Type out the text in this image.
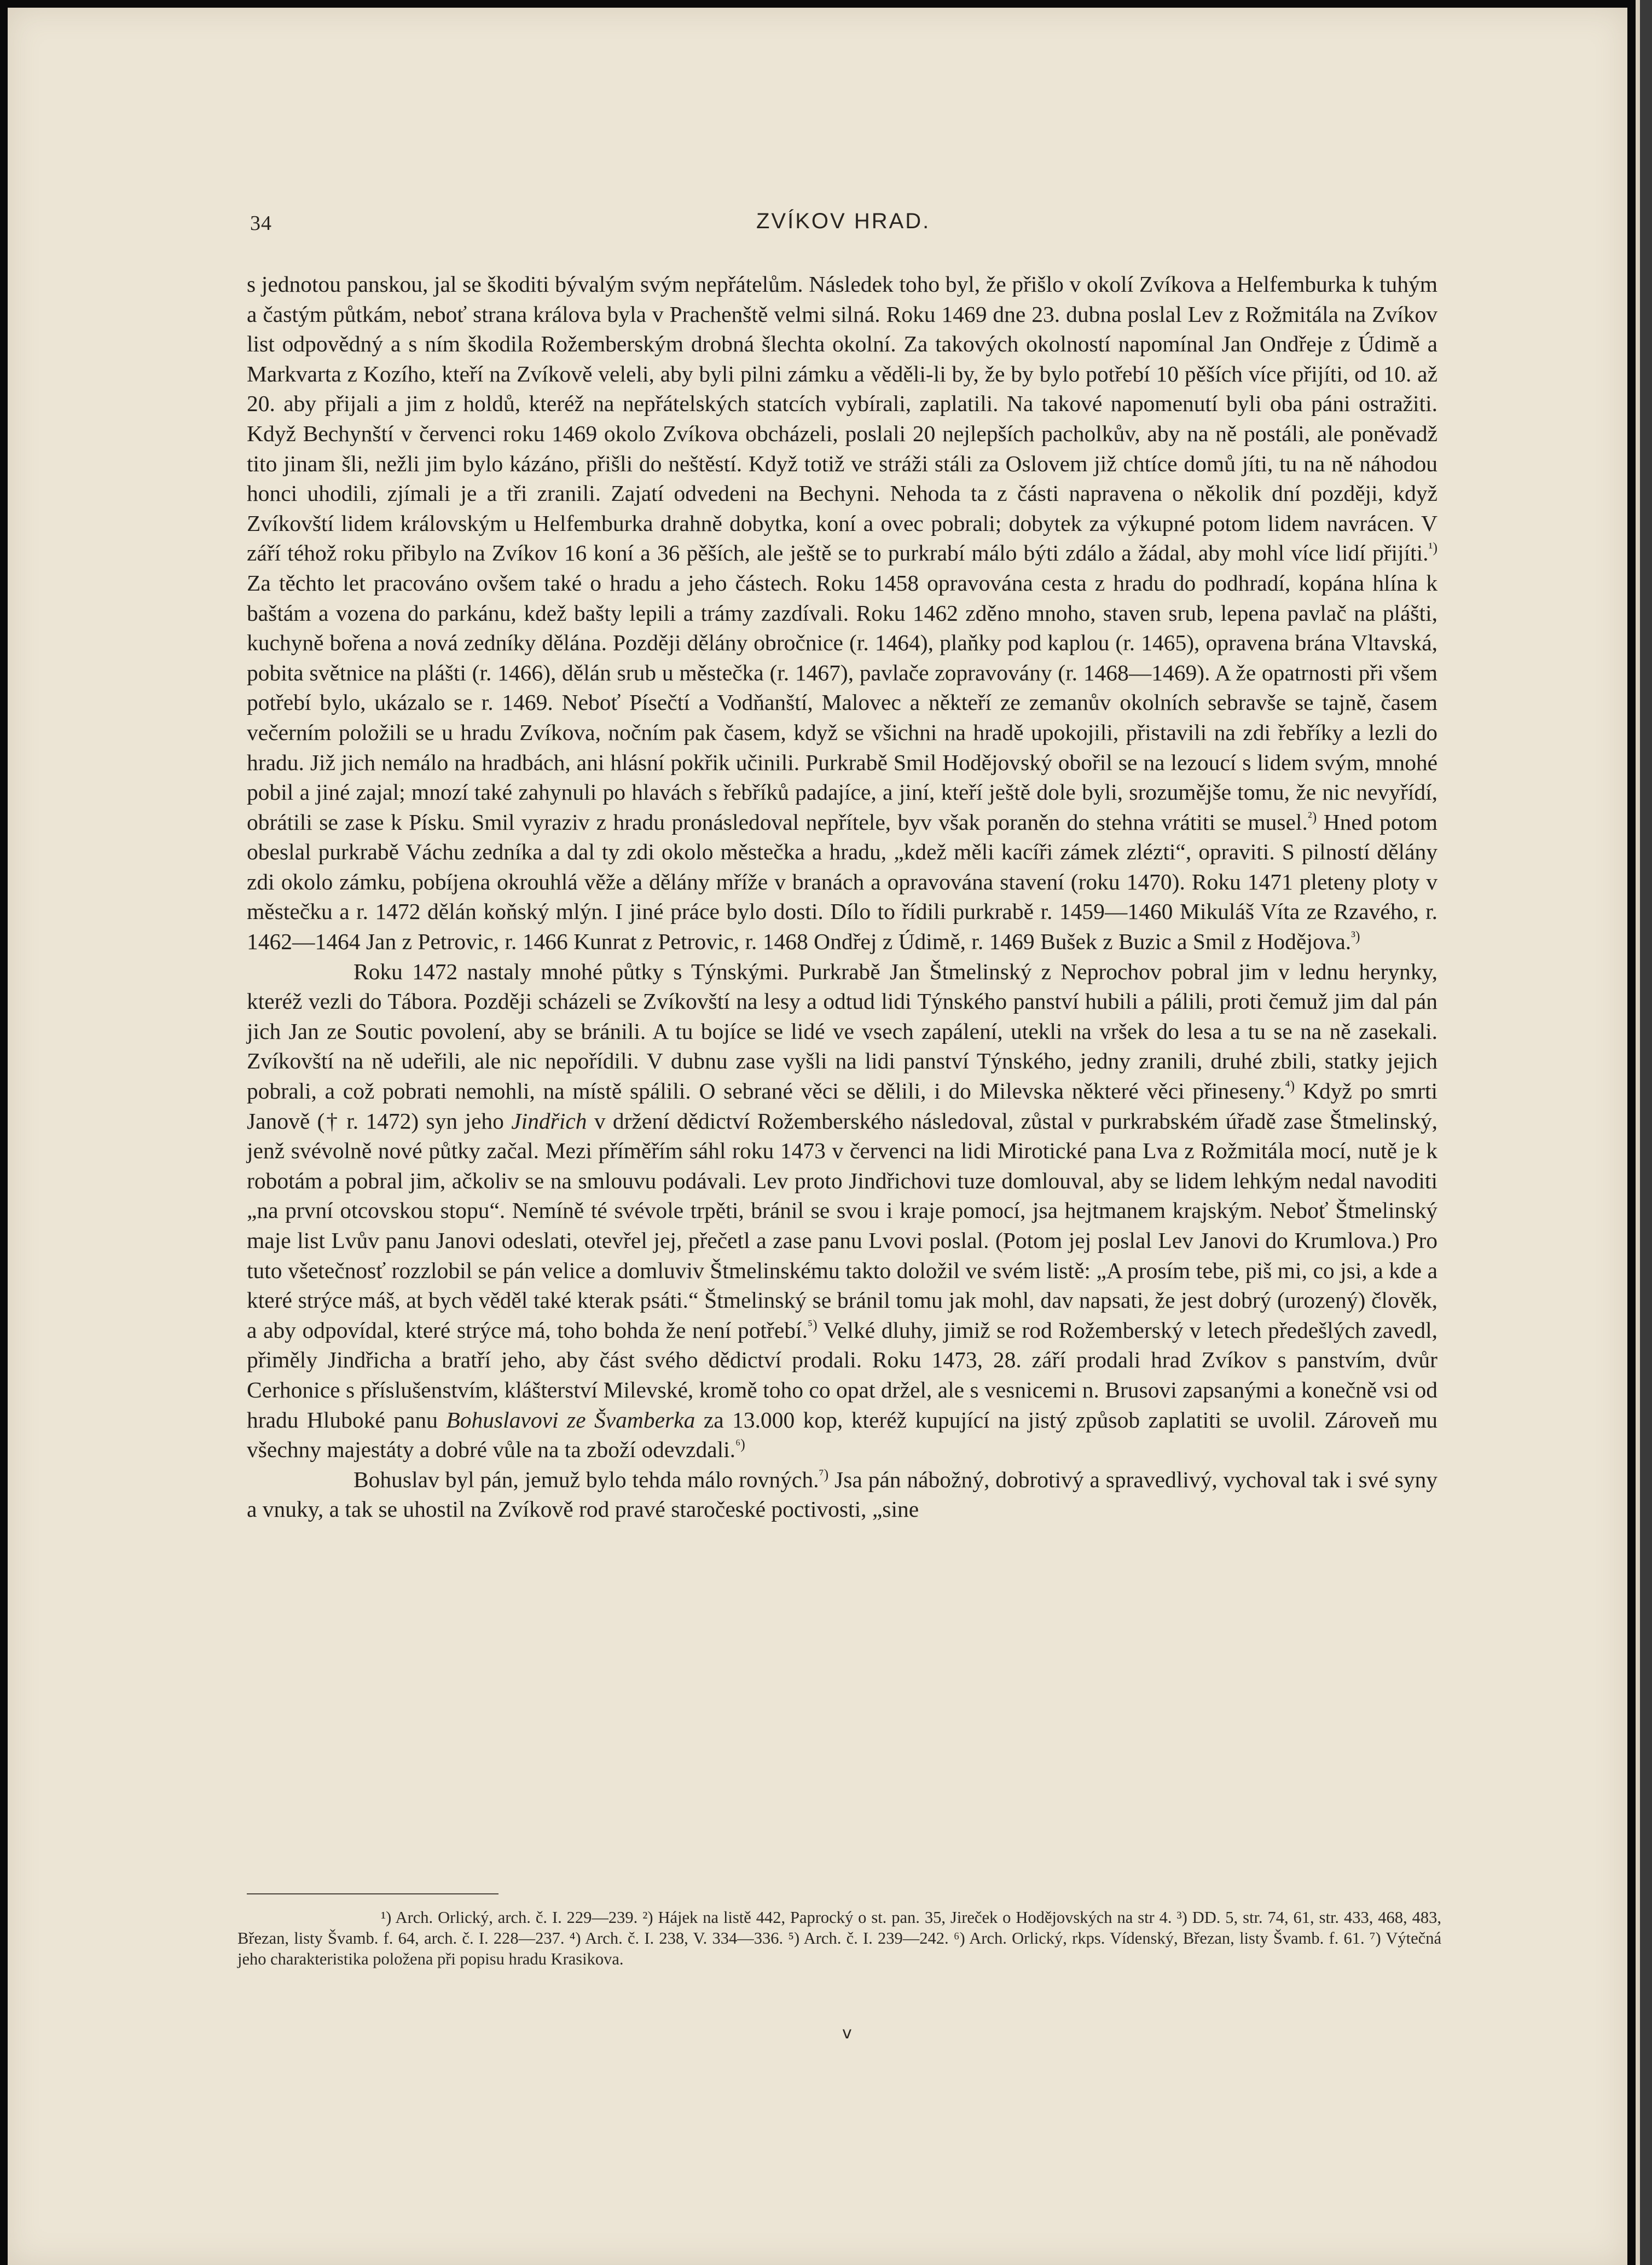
34	ZVÍKOV HRAD.

s jednotou panskou, jal se škoditi bývalým svým nepřátelům. Následek toho byl, že přišlo v okolí Zvíkova a Helfemburka k tuhým a častým půtkám, neboť strana králova byla v Prachenště velmi silná. Roku 1469 dne 23. dubna poslal Lev z Rožmitála na Zvíkov list odpovědný a s ním škodila Rožemberským drobná šlechta okolní. Za takových okolností napomínal Jan Ondřeje z Údimě a Markvarta z Kozího, kteří na Zvíkově veleli, aby byli pilni zámku a věděli-li by, že by bylo potřebí 10 pěších více přijíti, od 10. až 20. aby přijali a jim z holdů, kteréž na nepřátelských statcích vybírali, zaplatili. Na takové napomenutí byli oba páni ostražiti. Když Bechynští v červenci roku 1469 okolo Zvíkova obcházeli, poslali 20 nejlepších pacholkův, aby na ně postáli, ale poněvadž tito jinam šli, nežli jim bylo kázáno, přišli do neštěstí. Když totiž ve stráži stáli za Oslovem již chtíce domů jíti, tu na ně náhodou honci uhodili, zjímali je a tři zranili. Zajatí odvedeni na Bechyni. Nehoda ta z části napravena o několik dní později, když Zvíkovští lidem královským u Helfemburka drahně dobytka, koní a ovec pobrali; dobytek za výkupné potom lidem navrácen. V září téhož roku přibylo na Zvíkov 16 koní a 36 pěších, ale ještě se to purkrabí málo býti zdálo a žádal, aby mohl více lidí přijíti.$^{^1)}$ Za těchto let pracováno ovšem také o hradu a jeho částech. Roku 1458 opravována cesta z hradu do podhradí, kopána hlína k baštám a vozena do parkánu, kdež bašty lepili a trámy zazdívali. Roku 1462 zděno mnoho, staven srub, lepena pavlač na plášti, kuchyně bořena a nová zedníky dělána. Později dělány obročnice (r. 1464), plaňky pod kaplou (r. 1465), opravena brána Vltavská, pobita světnice na plášti (r. 1466), dělán srub u městečka (r. 1467), pavlače zopravovány (r. 1468—1469). A že opatrnosti při všem potřebí bylo, ukázalo se r. 1469. Neboť Písečtí a Vodňanští, Malovec a někteří ze zemanův okolních sebravše se tajně, časem večerním položili se u hradu Zvíkova, nočním pak časem, když se všichni na hradě upokojili, přistavili na zdi řebříky a lezli do hradu. Již jich nemálo na hradbách, ani hlásní pokřik učinili. Purkrabě Smil Hodějovský obořil se na lezoucí s lidem svým, mnohé pobil a jiné zajal; mnozí také zahynuli po hlavách s řebříků padajíce, a jiní, kteří ještě dole byli, srozumějše tomu, že nic nevyřídí, obrátili se zase k Písku. Smil vyraziv z hradu pronásledoval nepřítele, byv však poraněn do stehna vrátiti se musel.$^{^2)}$ Hned potom obeslal purkrabě Váchu zedníka a dal ty zdi okolo městečka a hradu, „kdež měli kacíři zámek zlézti“, opraviti. S pilností dělány zdi okolo zámku, pobíjena okrouhlá věže a dělány mříže v branách a opravována stavení (roku 1470). Roku 1471 pleteny ploty v městečku a r. 1472 dělán koňský mlýn. I jiné práce bylo dosti. Dílo to řídili purkrabě r. 1459—1460 Mikuláš Víta ze Rzavého, r. 1462—1464 Jan z Petrovic, r. 1466 Kunrat z Petrovic, r. 1468 Ondřej z Údimě, r. 1469 Bušek z Buzic a Smil z Hodějova.$^{^3)}$

Roku 1472 nastaly mnohé půtky s Týnskými. Purkrabě Jan Štmelinský z Neprochov pobral jim v lednu herynky, kteréž vezli do Tábora. Později scházeli se Zvíkovští na lesy a odtud lidi Týnského panství hubili a pálili, proti čemuž jim dal pán jich Jan ze Soutic povolení, aby se bránili. A tu bojíce se lidé ve vsech zapálení, utekli na vršek do lesa a tu se na ně zasekali. Zvíkovští na ně udeřili, ale nic nepořídili. V dubnu zase vyšli na lidi panství Týnského, jedny zranili, druhé zbili, statky jejich pobrali, a což pobrati nemohli, na místě spálili. O sebrané věci se dělili, i do Milevska některé věci přineseny.$^{^4)}$ Když po smrti Janově († r. 1472) syn jeho Jindřich v držení dědictví Rožemberského následoval, zůstal v purkrabském úřadě zase Štmelinský, jenž svévolně nové půtky začal. Mezi příměřím sáhl roku 1473 v červenci na lidi Mirotické pana Lva z Rožmitála mocí, nutě je k robotám a pobral jim, ačkoliv se na smlouvu podávali. Lev proto Jindřichovi tuze domlouval, aby se lidem lehkým nedal navoditi „na první otcovskou stopu“. Nemíně té svévole trpěti, bránil se svou i kraje pomocí, jsa hejtmanem krajským. Neboť Štmelinský maje list Lvův panu Janovi odeslati, otevřel jej, přečetl a zase panu Lvovi poslal. (Potom jej poslal Lev Janovi do Krumlova.) Pro tuto všetečnosť rozzlobil se pán velice a domluviv Štmelinskému takto doložil ve svém listě: „A prosím tebe, piš mi, co jsi, a kde a které strýce máš, at bych věděl také kterak psáti.“ Štmelinský se bránil tomu jak mohl, dav napsati, že jest dobrý (urozený) člověk, a aby odpovídal, které strýce má, toho bohda že není potřebí.$^{^5)}$ Velké dluhy, jimiž se rod Rožemberský v letech předešlých zavedl, přiměly Jindřicha a bratří jeho, aby část svého dědictví prodali. Roku 1473, 28. září prodali hrad Zvíkov s panstvím, dvůr Cerhonice s příslušenstvím, klášterství Milevské, kromě toho co opat držel, ale s vesnicemi n. Brusovi zapsanými a konečně vsi od hradu Hluboké panu Bohuslavovi ze Švamberka za 13.000 kop, kteréž kupující na jistý způsob zaplatiti se uvolil. Zároveň mu všechny majestáty a dobré vůle na ta zboží odevzdali.$^{^6)}$

Bohuslav byl pán, jemuž bylo tehda málo rovných.$^{^7)}$ Jsa pán nábožný, dobrotivý a spravedlivý, vychoval tak i své syny a vnuky, a tak se uhostil na Zvíkově rod pravé staročeské poctivosti, „sine

¹) Arch. Orlický, arch. č. I. 229—239. ²) Hájek na listě 442, Paprocký o st. pan. 35, Jireček o Hodějovských na str 4. ³) DD. 5, str. 74, 61, str. 433, 468, 483, Březan, listy Švamb. f. 64, arch. č. I. 228—237. ⁴) Arch. č. I. 238, V. 334—336. ⁵) Arch. č. I. 239—242. ⁶) Arch. Orlický, rkps. Vídenský, Březan, listy Švamb. f. 61. ⁷) Výtečná jeho charakteristika položena při popisu hradu Krasikova.
v
